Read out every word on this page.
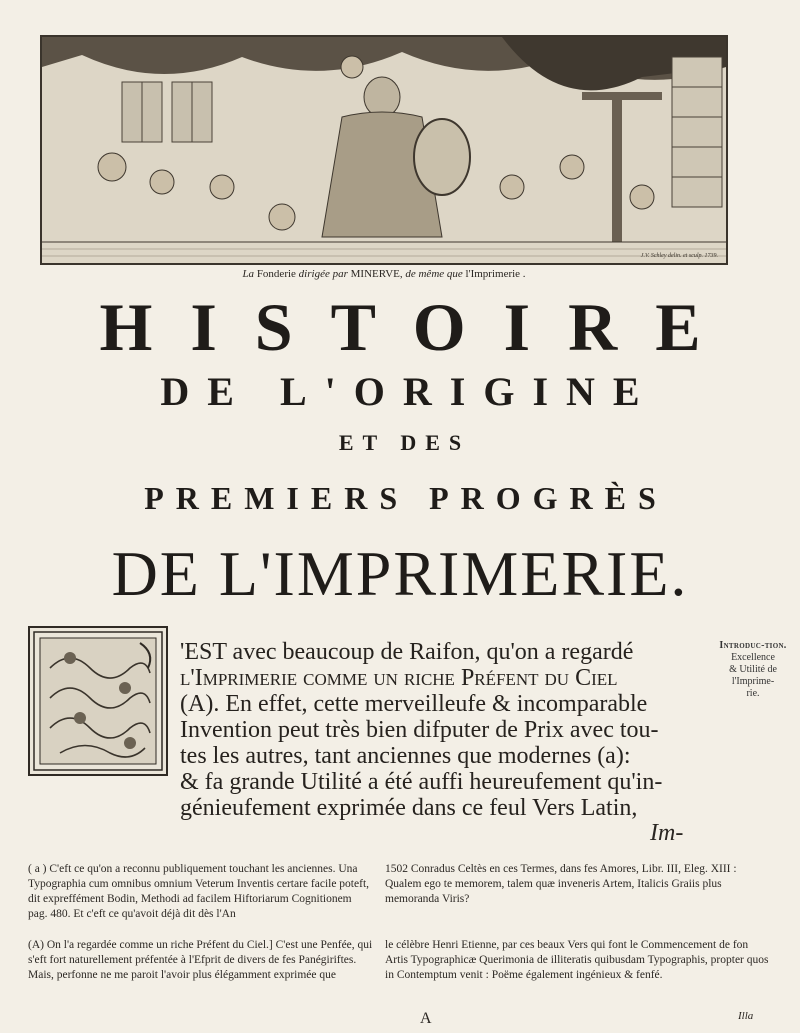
J.V. Schley delin. et sculp. 1739.
La Fonderie dirigée par MINERVE, de même que l'Imprimerie .
HISTOIRE
DE L'ORIGINE
ET DES
PREMIERS PROGRÈS
DE L'IMPRIMERIE.
'EST avec beaucoup de Raifon, qu'on a regardé
l'Imprimerie comme un riche Préfent du Ciel
(A). En effet, cette merveilleufe & incomparable
Invention peut très bien difputer de Prix avec tou-
tes les autres, tant anciennes que modernes (a):
& fa grande Utilité a été auffi heureufement qu'in-
génieufement exprimée dans ce feul Vers Latin,
Im-
Introduc-tion.
Excellence
& Utilité de
l'Imprime-
rie.
( a ) C'eft ce qu'on a reconnu publiquement touchant les anciennes. Una Typographia cum omnibus omnium Veterum Inventis certare facile poteft, dit expreffément Bodin, Methodi ad facilem Hiftoriarum Cognitionem pag. 480. Et c'eft ce qu'avoit déjà dit dès l'An
1502 Conradus Celtès en ces Termes, dans fes Amores, Libr. III, Eleg. XIII : Qualem ego te memorem, talem quæ inveneris Artem, Italicis Graiis plus memoranda Viris?
(A) On l'a regardée comme un riche Préfent du Ciel.] C'est une Penfée, qui s'eft fort naturellement préfentée à l'Efprit de divers de fes Panégiriftes. Mais, perfonne ne me paroit l'avoir plus élégamment exprimée que
le célèbre Henri Etienne, par ces beaux Vers qui font le Commencement de fon Artis Typographicæ Querimonia de illiteratis quibusdam Typographis, propter quos in Contemptum venit : Poëme également ingénieux & fenfé.
A	Illa
